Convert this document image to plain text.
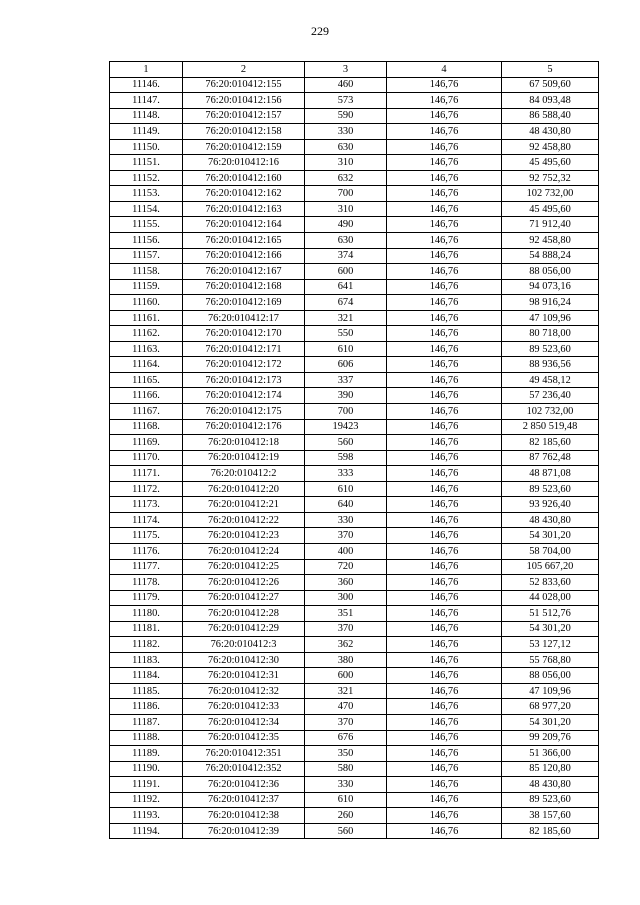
229
1	2	3	4	5
11146.	76:20:010412:155	460	146,76	67 509,60
11147.	76:20:010412:156	573	146,76	84 093,48
11148.	76:20:010412:157	590	146,76	86 588,40
11149.	76:20:010412:158	330	146,76	48 430,80
11150.	76:20:010412:159	630	146,76	92 458,80
11151.	76:20:010412:16	310	146,76	45 495,60
11152.	76:20:010412:160	632	146,76	92 752,32
11153.	76:20:010412:162	700	146,76	102 732,00
11154.	76:20:010412:163	310	146,76	45 495,60
11155.	76:20:010412:164	490	146,76	71 912,40
11156.	76:20:010412:165	630	146,76	92 458,80
11157.	76:20:010412:166	374	146,76	54 888,24
11158.	76:20:010412:167	600	146,76	88 056,00
11159.	76:20:010412:168	641	146,76	94 073,16
11160.	76:20:010412:169	674	146,76	98 916,24
11161.	76:20:010412:17	321	146,76	47 109,96
11162.	76:20:010412:170	550	146,76	80 718,00
11163.	76:20:010412:171	610	146,76	89 523,60
11164.	76:20:010412:172	606	146,76	88 936,56
11165.	76:20:010412:173	337	146,76	49 458,12
11166.	76:20:010412:174	390	146,76	57 236,40
11167.	76:20:010412:175	700	146,76	102 732,00
11168.	76:20:010412:176	19423	146,76	2 850 519,48
11169.	76:20:010412:18	560	146,76	82 185,60
11170.	76:20:010412:19	598	146,76	87 762,48
11171.	76:20:010412:2	333	146,76	48 871,08
11172.	76:20:010412:20	610	146,76	89 523,60
11173.	76:20:010412:21	640	146,76	93 926,40
11174.	76:20:010412:22	330	146,76	48 430,80
11175.	76:20:010412:23	370	146,76	54 301,20
11176.	76:20:010412:24	400	146,76	58 704,00
11177.	76:20:010412:25	720	146,76	105 667,20
11178.	76:20:010412:26	360	146,76	52 833,60
11179.	76:20:010412:27	300	146,76	44 028,00
11180.	76:20:010412:28	351	146,76	51 512,76
11181.	76:20:010412:29	370	146,76	54 301,20
11182.	76:20:010412:3	362	146,76	53 127,12
11183.	76:20:010412:30	380	146,76	55 768,80
11184.	76:20:010412:31	600	146,76	88 056,00
11185.	76:20:010412:32	321	146,76	47 109,96
11186.	76:20:010412:33	470	146,76	68 977,20
11187.	76:20:010412:34	370	146,76	54 301,20
11188.	76:20:010412:35	676	146,76	99 209,76
11189.	76:20:010412:351	350	146,76	51 366,00
11190.	76:20:010412:352	580	146,76	85 120,80
11191.	76:20:010412:36	330	146,76	48 430,80
11192.	76:20:010412:37	610	146,76	89 523,60
11193.	76:20:010412:38	260	146,76	38 157,60
11194.	76:20:010412:39	560	146,76	82 185,60
